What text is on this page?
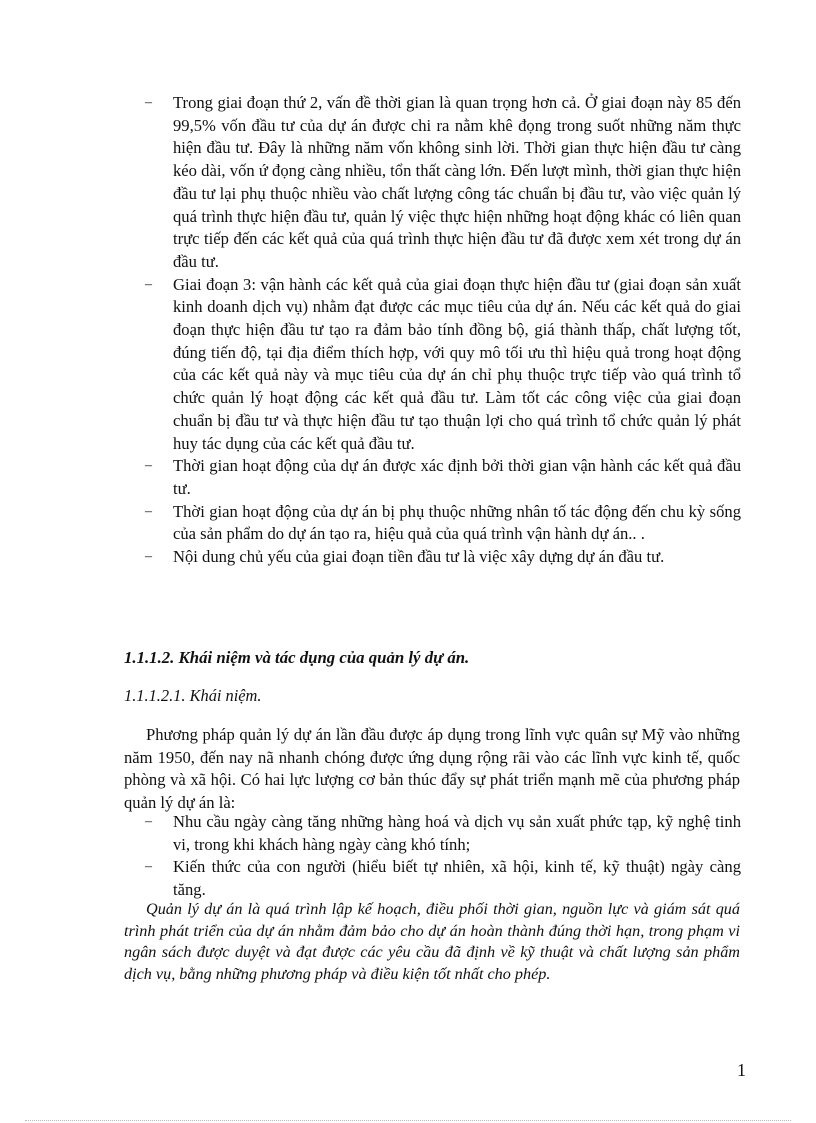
– Trong giai đoạn thứ 2, vấn đề thời gian là quan trọng hơn cả. Ở giai đoạn này 85 đến 99,5% vốn đầu tư của dự án được chi ra nằm khê đọng trong suốt những năm thực hiện đầu tư. Đây là những năm vốn không sinh lời. Thời gian thực hiện đầu tư càng kéo dài, vốn ứ đọng càng nhiều, tổn thất càng lớn. Đến lượt mình, thời gian thực hiện đầu tư lại phụ thuộc nhiều vào chất lượng công tác chuẩn bị đầu tư, vào việc quản lý quá trình thực hiện đầu tư, quản lý việc thực hiện những hoạt động khác có liên quan trực tiếp đến các kết quả của quá trình thực hiện đầu tư đã được xem xét trong dự án đầu tư.
– Giai đoạn 3: vận hành các kết quả của giai đoạn thực hiện đầu tư (giai đoạn sản xuất kinh doanh dịch vụ) nhằm đạt được các mục tiêu của dự án. Nếu các kết quả do giai đoạn thực hiện đầu tư tạo ra đảm bảo tính đồng bộ, giá thành thấp, chất lượng tốt, đúng tiến độ, tại địa điểm thích hợp, với quy mô tối ưu thì hiệu quả trong hoạt động của các kết quả này và mục tiêu của dự án chỉ phụ thuộc trực tiếp vào quá trình tổ chức quản lý hoạt động các kết quả đầu tư. Làm tốt các công việc của giai đoạn chuẩn bị đầu tư và thực hiện đầu tư tạo thuận lợi cho quá trình tổ chức quản lý phát huy tác dụng của các kết quả đầu tư.
– Thời gian hoạt động của dự án được xác định bởi thời gian vận hành các kết quả đầu tư.
– Thời gian hoạt động của dự án bị phụ thuộc những nhân tố tác động đến chu kỳ sống của sản phẩm do dự án tạo ra, hiệu quả của quá trình vận hành dự án.. .
– Nội dung chủ yếu của giai đoạn tiền đầu tư là việc xây dựng dự án đầu tư.
1.1.1.2. Khái niệm và tác dụng của quản lý dự án.
1.1.1.2.1. Khái niệm.
Phương pháp quản lý dự án lần đầu được áp dụng trong lĩnh vực quân sự Mỹ vào những năm 1950, đến nay nã nhanh chóng được ứng dụng rộng rãi vào các lĩnh vực kinh tế, quốc phòng và xã hội. Có hai lực lượng cơ bản thúc đẩy sự phát triển mạnh mẽ của phương pháp quản lý dự án là:
– Nhu cầu ngày càng tăng những hàng hoá và dịch vụ sản xuất phức tạp, kỹ nghệ tinh vi, trong khi khách hàng ngày càng khó tính;
– Kiến thức của con người (hiểu biết tự nhiên, xã hội, kinh tế, kỹ thuật) ngày càng tăng.
Quản lý dự án là quá trình lập kế hoạch, điều phối thời gian, nguồn lực và giám sát quá trình phát triển của dự án nhằm đảm bảo cho dự án hoàn thành đúng thời hạn, trong phạm vi ngân sách được duyệt và đạt được các yêu cầu đã định về kỹ thuật và chất lượng sản phẩm dịch vụ, bằng những phương pháp và điều kiện tốt nhất cho phép.
1
